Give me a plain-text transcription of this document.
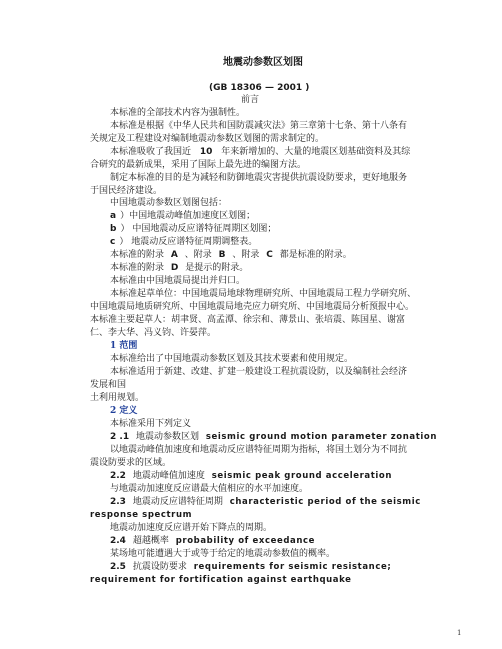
地震动参数区划图
(GB 18306 — 2001 )
前言
本标准的全部技术内容为强制性。
本标准是根据《中华人民共和国防震减灾法》第三章第十七条、第十八条有
关规定及工程建设对编制地震动参数区划图的需求制定的。
本标准吸收了我国近 10 年来新增加的、大量的地震区划基础资料及其综
合研究的最新成果，采用了国际上最先进的编图方法。
制定本标准的目的是为减轻和防御地震灾害提供抗震设防要求，更好地服务
于国民经济建设。
中国地震动参数区划图包括：
a ）中国地震动峰值加速度区划图；
b ） 中国地震动反应谱特征周期区划图；
c ） 地震动反应谱特征周期调整表。
本标准的附录 A 、附录 B 、附录 C 都是标准的附录。
本标准的附录 D 是提示的附录。
本标准由中国地震局提出并归口。
本标准起草单位：中国地震局地球物理研究所、中国地震局工程力学研究所、
中国地震局地质研究所、中国地震局地壳应力研究所、中国地震局分析预报中心。
本标准主要起草人：胡聿贤、高孟潭、徐宗和、薄景山、张培震、陈国星、谢富
仁、李大华、冯义钧、许晏萍。
1 范围
本标准给出了中国地震动参数区划及其技术要素和使用规定。
本标准适用于新建、改建、扩建一般建设工程抗震设防，以及编制社会经济
发展和国
土利用规划。
2 定义
本标准采用下列定义
2 .1 地震动参数区划 seismic ground motion parameter zonation
以地震动峰值加速度和地震动反应谱特征周期为指标，将国土划分为不同抗
震设防要求的区域。
2.2 地震动峰值加速度 seismic peak ground acceleration
与地震动加速度反应谱最大值相应的水平加速度。
2.3 地震动反应谱特征周期 characteristic period of the seismic
response spectrum
地震动加速度反应谱开始下降点的周期。
2.4 超越概率 probability of exceedance
某场地可能遭遇大于或等于给定的地震动参数值的概率。
2.5 抗震设防要求 requirements for seismic resistance;
requirement for fortification against earthquake
1
